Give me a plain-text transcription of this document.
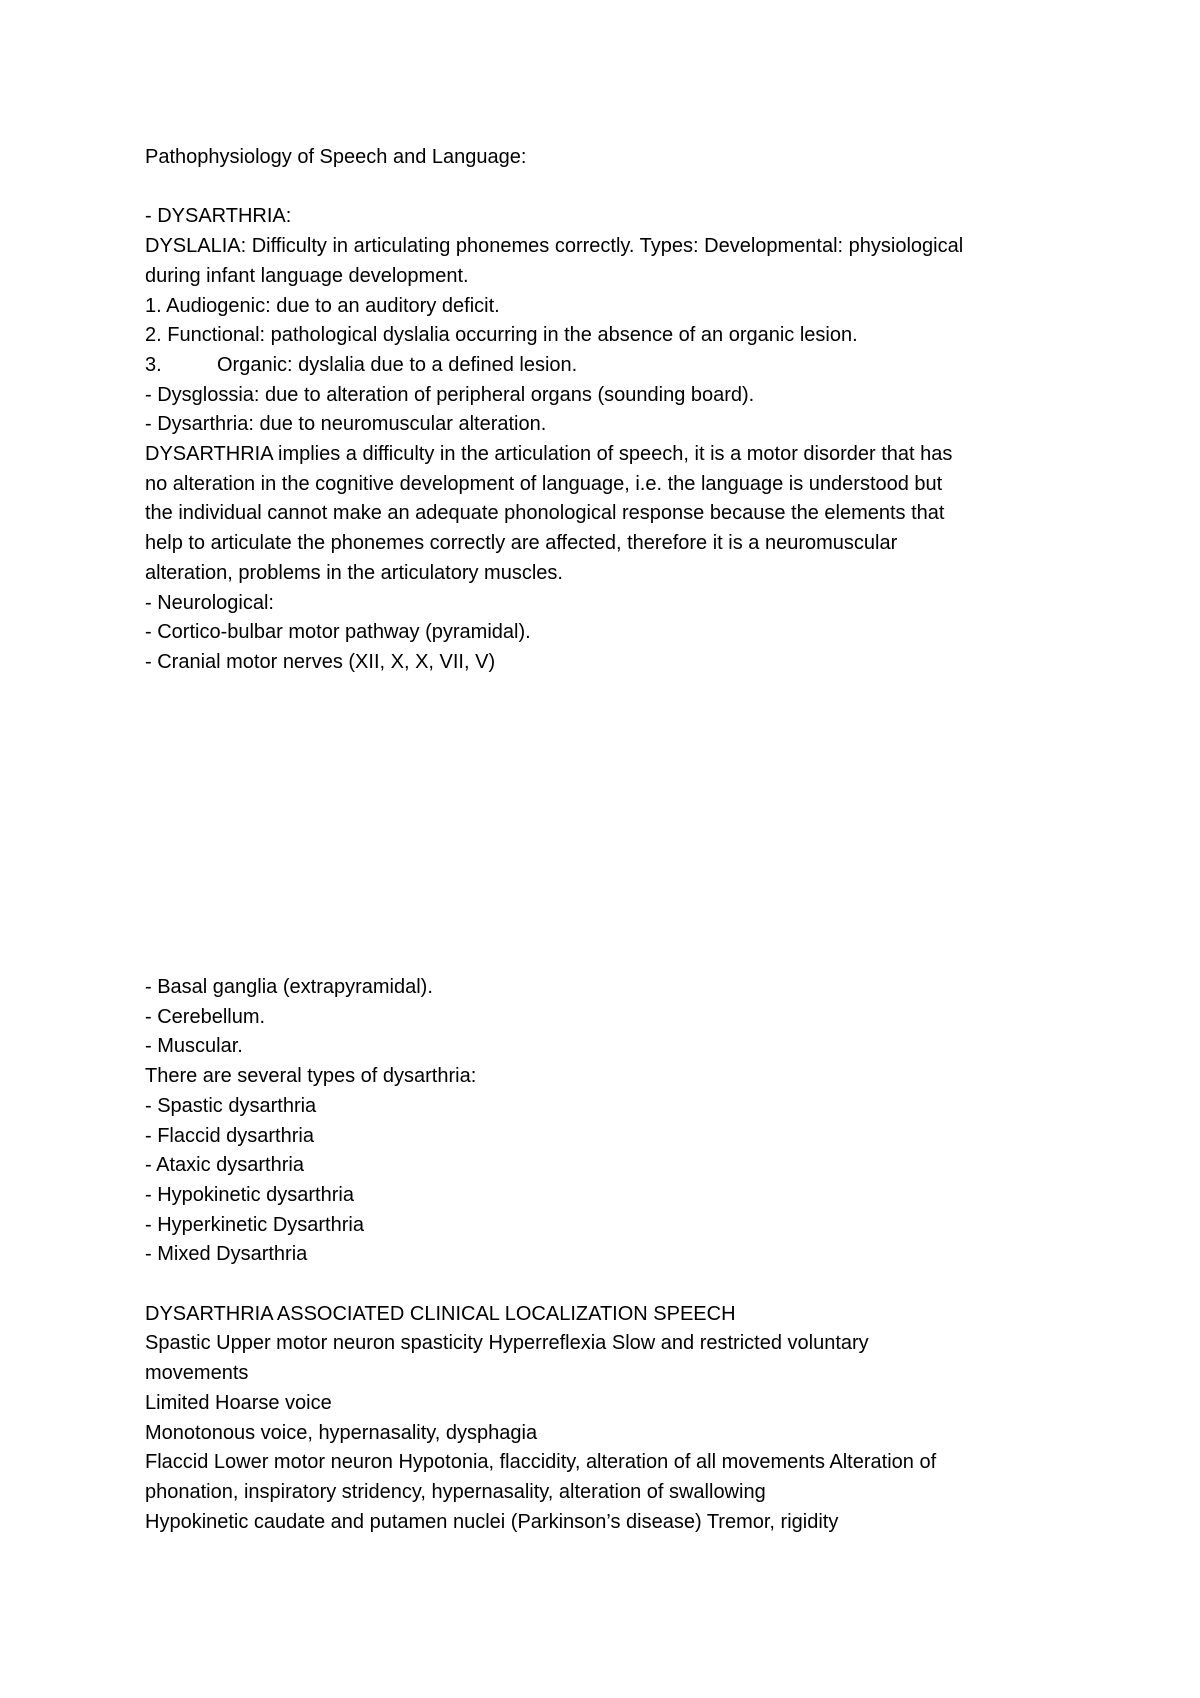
Pathophysiology of Speech and Language:
- DYSARTHRIA:
DYSLALIA: Difficulty in articulating phonemes correctly. Types: Developmental: physiological
during infant language development.
1. Audiogenic: due to an auditory deficit.
2. Functional: pathological dyslalia occurring in the absence of an organic lesion.
3.	Organic: dyslalia due to a defined lesion.
- Dysglossia: due to alteration of peripheral organs (sounding board).
- Dysarthria: due to neuromuscular alteration.
DYSARTHRIA implies a difficulty in the articulation of speech, it is a motor disorder that has
no alteration in the cognitive development of language, i.e. the language is understood but
the individual cannot make an adequate phonological response because the elements that
help to articulate the phonemes correctly are affected, therefore it is a neuromuscular
alteration, problems in the articulatory muscles.
- Neurological:
- Cortico-bulbar motor pathway (pyramidal).
- Cranial motor nerves (XII, X, X, VII, V)
- Basal ganglia (extrapyramidal).
- Cerebellum.
- Muscular.
There are several types of dysarthria:
- Spastic dysarthria
- Flaccid dysarthria
- Ataxic dysarthria
- Hypokinetic dysarthria
- Hyperkinetic Dysarthria
- Mixed Dysarthria
DYSARTHRIA ASSOCIATED CLINICAL LOCALIZATION SPEECH
Spastic Upper motor neuron spasticity Hyperreflexia Slow and restricted voluntary
movements
Limited Hoarse voice
Monotonous voice, hypernasality, dysphagia
Flaccid Lower motor neuron Hypotonia, flaccidity, alteration of all movements Alteration of
phonation, inspiratory stridency, hypernasality, alteration of swallowing
Hypokinetic caudate and putamen nuclei (Parkinson’s disease) Tremor, rigidity
